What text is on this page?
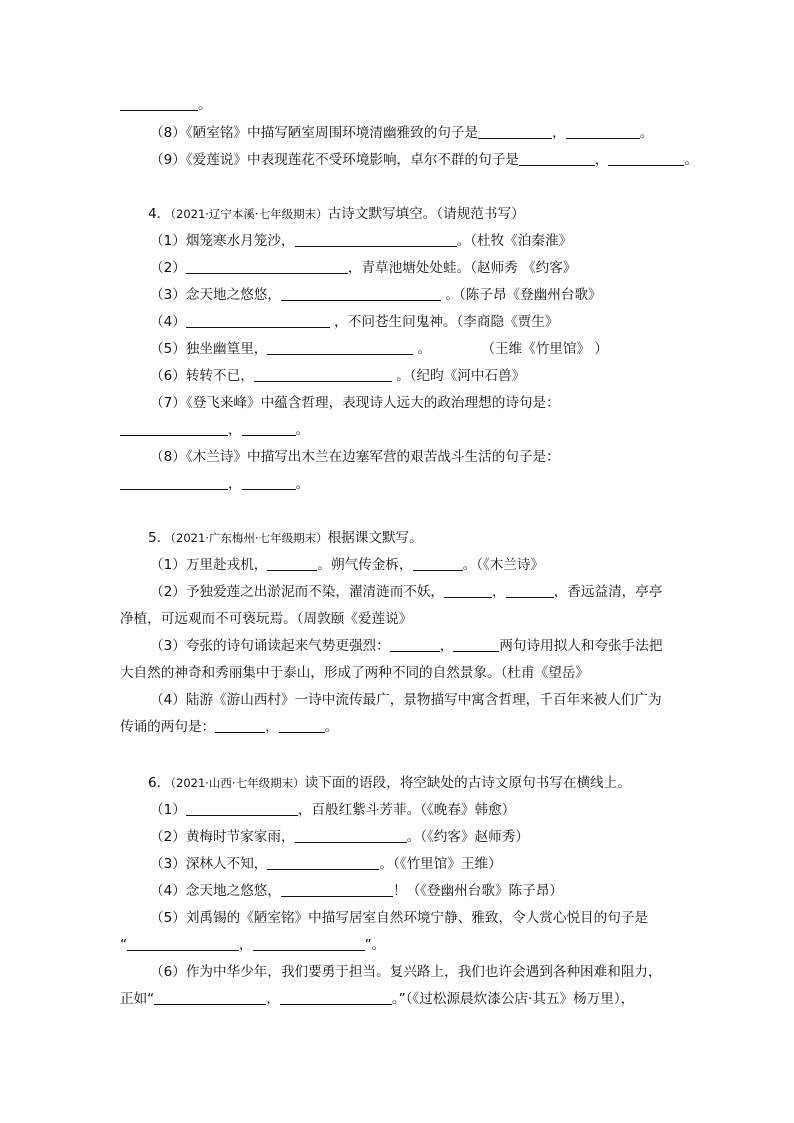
。
（8）《陋室铭》中描写陋室周围环境清幽雅致的句子是	，	。
（9）《爱莲说》中表现莲花不受环境影响，卓尔不群的句子是	，	。
4．（2021·辽宁本溪·七年级期末）古诗文默写填空。（请规范书写）
（1）烟笼寒水月笼沙，	。（杜牧《泊秦淮》
（2）	，青草池塘处处蛙。（赵师秀 《约客》
（3）念天地之悠悠，	。（陈子昂《登幽州台歌》
（4）	，不问苍生问鬼神。（李商隐《贾生》
（5）独坐幽篁里，	。	（王维《竹里馆》 ）
（6）转转不已，	。（纪昀《河中石兽》
（7）《登飞来峰》中蕴含哲理，表现诗人远大的政治理想的诗句是：
，	。
（8）《木兰诗》中描写出木兰在边塞军营的艰苦战斗生活的句子是：
，	。
5．（2021·广东梅州·七年级期末）根据课文默写。
（1）万里赴戎机，	。朔气传金柝，	。（《木兰诗》
（2）予独爱莲之出淤泥而不染，濯清涟而不妖，	，	，香远益清，亭亭
净植，可远观而不可亵玩焉。（周敦颐《爱莲说》
（3）夸张的诗句诵读起来气势更强烈：	，	两句诗用拟人和夸张手法把
大自然的神奇和秀丽集中于泰山，形成了两种不同的自然景象。（杜甫《望岳》
（4）陆游《游山西村》一诗中流传最广，景物描写中寓含哲理，千百年来被人们广为
传诵的两句是：	，	。
6．（2021·山西·七年级期末）读下面的语段，将空缺处的古诗文原句书写在横线上。
（1）	，百般红紫斗芳菲。（《晚春》韩愈）
（2）黄梅时节家家雨，	。（《约客》赵师秀）
（3）深林人不知，	。（《竹里馆》王维）
（4）念天地之悠悠，	！（《登幽州台歌》陈子昂）
（5）刘禹锡的《陋室铭》中描写居室自然环境宁静、雅致，令人赏心悦目的句子是
“	，	”。
（6）作为中华少年，我们要勇于担当。复兴路上，我们也许会遇到各种困难和阻力，
正如“	，	。”（《过松源晨炊漆公店·其五》杨万里），
